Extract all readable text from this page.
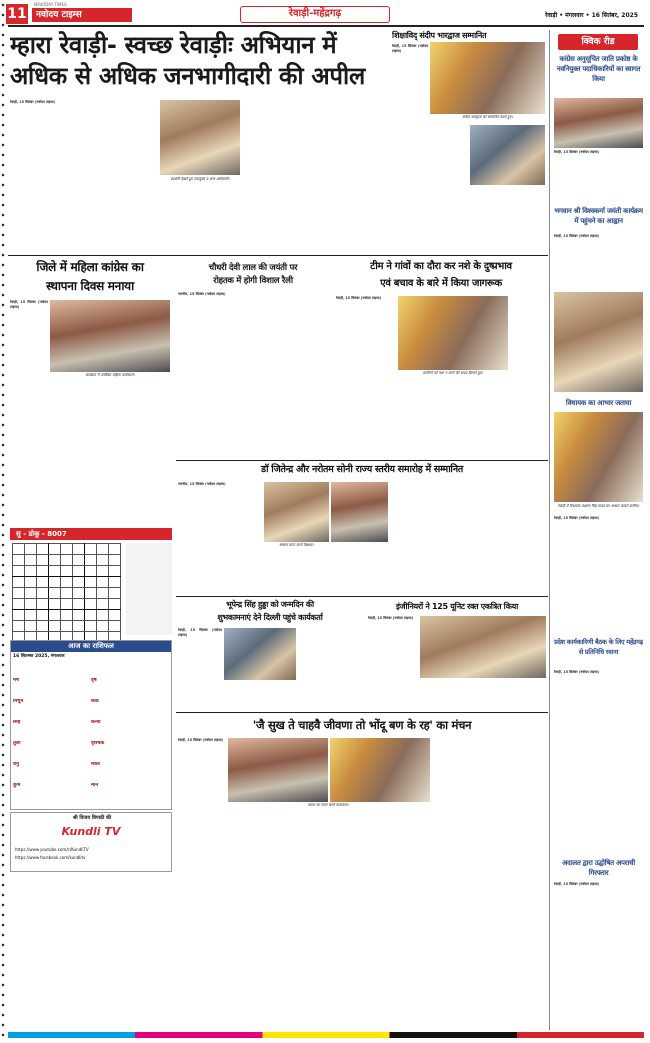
11
NAVODAY TIMES
नवोदय टाइम्स	रेवाड़ी-महेंद्रगढ़	रेवाड़ी • मंगलवार • 16 सितंबर, 2025
म्हारा रेवाड़ी- स्वच्छ रेवाड़ीः अभियान में
अधिक से अधिक जनभागीदारी की अपील
रेवाड़ी, 15 सितंबर (नवोदय टाइम्स)
प्रदर्शनी देखते हुए उपायुक्त व अन्य अधिकारी।
शिक्षाविद् संदीप भारद्वाज सम्मानित
रेवाड़ी, 15 सितंबर (नवोदय टाइम्स)
संदीप भारद्वाज को सम्मानित करते हुए।
क्विक रीड
कांग्रेस अनुसूचित जाति प्रकोष्ठ के नवनियुक्त पदाधिकारियों का स्वागत किया
रेवाड़ी, 15 सितंबर (नवोदय टाइम्स)
भगवान श्री विश्वकर्मा जयंती कार्यक्रम में पहुंचने का आह्वान
रेवाड़ी, 15 सितंबर (नवोदय टाइम्स)
विधायक का आभार जताया
रेवाड़ी में विधायक लक्ष्मण सिंह यादव का आभार जताते ग्रामीण।
रेवाड़ी, 15 सितंबर (नवोदय टाइम्स)
प्रदेश कार्यकारिणी बैठक के लिए महेंद्रगढ़ से प्रतिनिधि रवाना
रेवाड़ी, 15 सितंबर (नवोदय टाइम्स)
अदालत द्वारा उद्घोषित अपराधी गिरफ्तार
रेवाड़ी, 15 सितंबर (नवोदय टाइम्स)
जिले में महिला कांग्रेस का
स्थापना दिवस मनाया
रेवाड़ी, 15 सितंबर (नवोदय टाइम्स)
कार्यक्रम में उपस्थित महिला कार्यकर्ता।
चौधरी देवी लाल की जयंती पर
रोहतक में होगी विशाल रैली
नारनौल, 15 सितंबर (नवोदय टाइम्स)
टीम ने गांवों का दौरा कर नशे के दुष्प्रभाव
एवं बचाव के बारे में किया जागरूक
रेवाड़ी, 15 सितंबर (नवोदय टाइम्स)
ग्रामीणों को नशा न करने की शपथ दिलाते हुए।
डॉ जितेन्द्र और नरोतम सोनी राज्य स्तरीय समारोह में सम्मानित
नारनौल, 15 सितंबर (नवोदय टाइम्स)
सम्मान प्राप्त करते शिक्षक।
सु - डोकू - 8007

भूपेन्द्र सिंह हुड्डा को जन्मदिन की
शुभकामनाएं देने दिल्ली पहुंचे कार्यकर्ता
रेवाड़ी, 15 सितंबर (नवोदय टाइम्स)
इंजीनियरों ने 125 यूनिट रक्त एकत्रित किया
रेवाड़ी, 15 सितंबर (नवोदय टाइम्स)
आज का राशिफल
16 सितम्बर 2025, मंगलवार
मेष	वृष
मिथुन	कर्क
सिंह	कन्या
तुला	वृश्चिक
धनु	मकर
कुंभ	मीन
श्री विजय त्रिपाठी की
Kundli TV
https://www.youtube.com/c/KundliTV
https://www.facebook.com/kundlitv
'जै सुख ते चाहवै जीवणा तो भोंदू बण के रह' का मंचन
रेवाड़ी, 15 सितंबर (नवोदय टाइम्स)
नाटक का मंचन करते कलाकार।
